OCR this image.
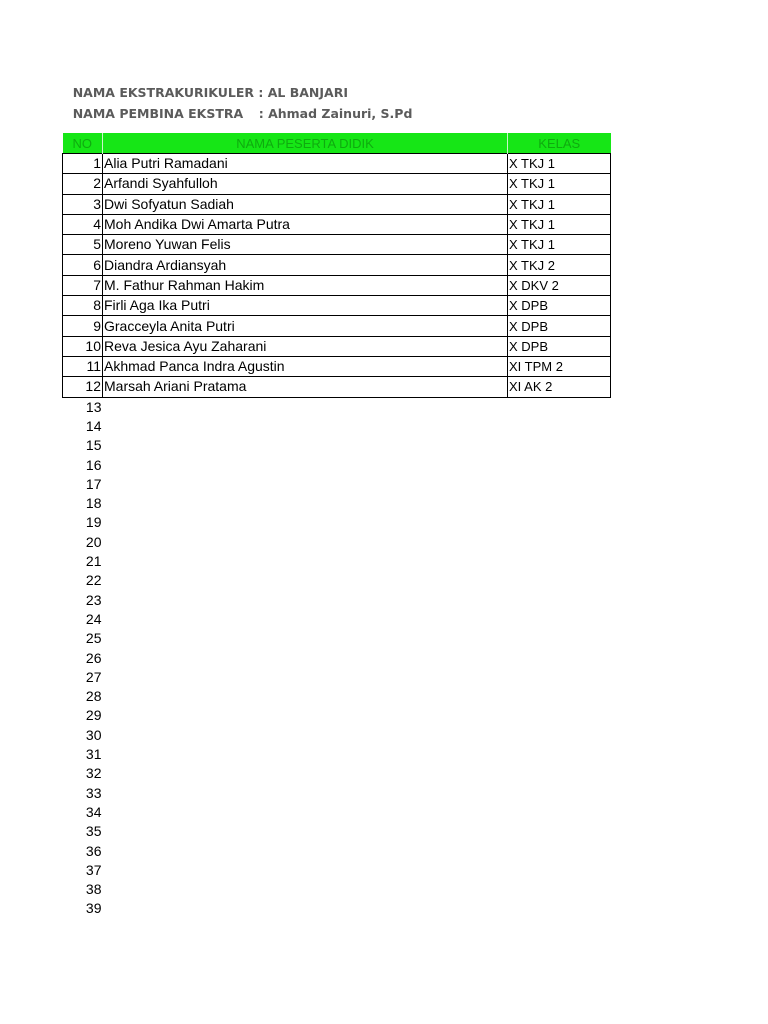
NAMA EKSTRAKURIKULER : AL BANJARI

NAMA PEMBINA EKSTRA : Ahmad Zainuri, S.Pd

NO	NAMA PESERTA DIDIK	KELAS
1	Alia Putri Ramadani	X TKJ 1
2	Arfandi Syahfulloh	X TKJ 1
3	Dwi Sofyatun Sadiah	X TKJ 1
4	Moh Andika Dwi Amarta Putra	X TKJ 1
5	Moreno Yuwan Felis	X TKJ 1
6	Diandra Ardiansyah	X TKJ 2
7	M. Fathur Rahman Hakim	X DKV 2
8	Firli Aga Ika Putri	X DPB
9	Gracceyla Anita Putri	X DPB
10	Reva Jesica Ayu Zaharani	X DPB
11	Akhmad Panca Indra Agustin	XI TPM 2
12	Marsah Ariani Pratama	XI AK 2
13		
14		
15		
16		
17		
18		
19		
20		
21		
22		
23		
24		
25		
26		
27		
28		
29		
30		
31		
32		
33		
34		
35		
36		
37		
38		
39		
